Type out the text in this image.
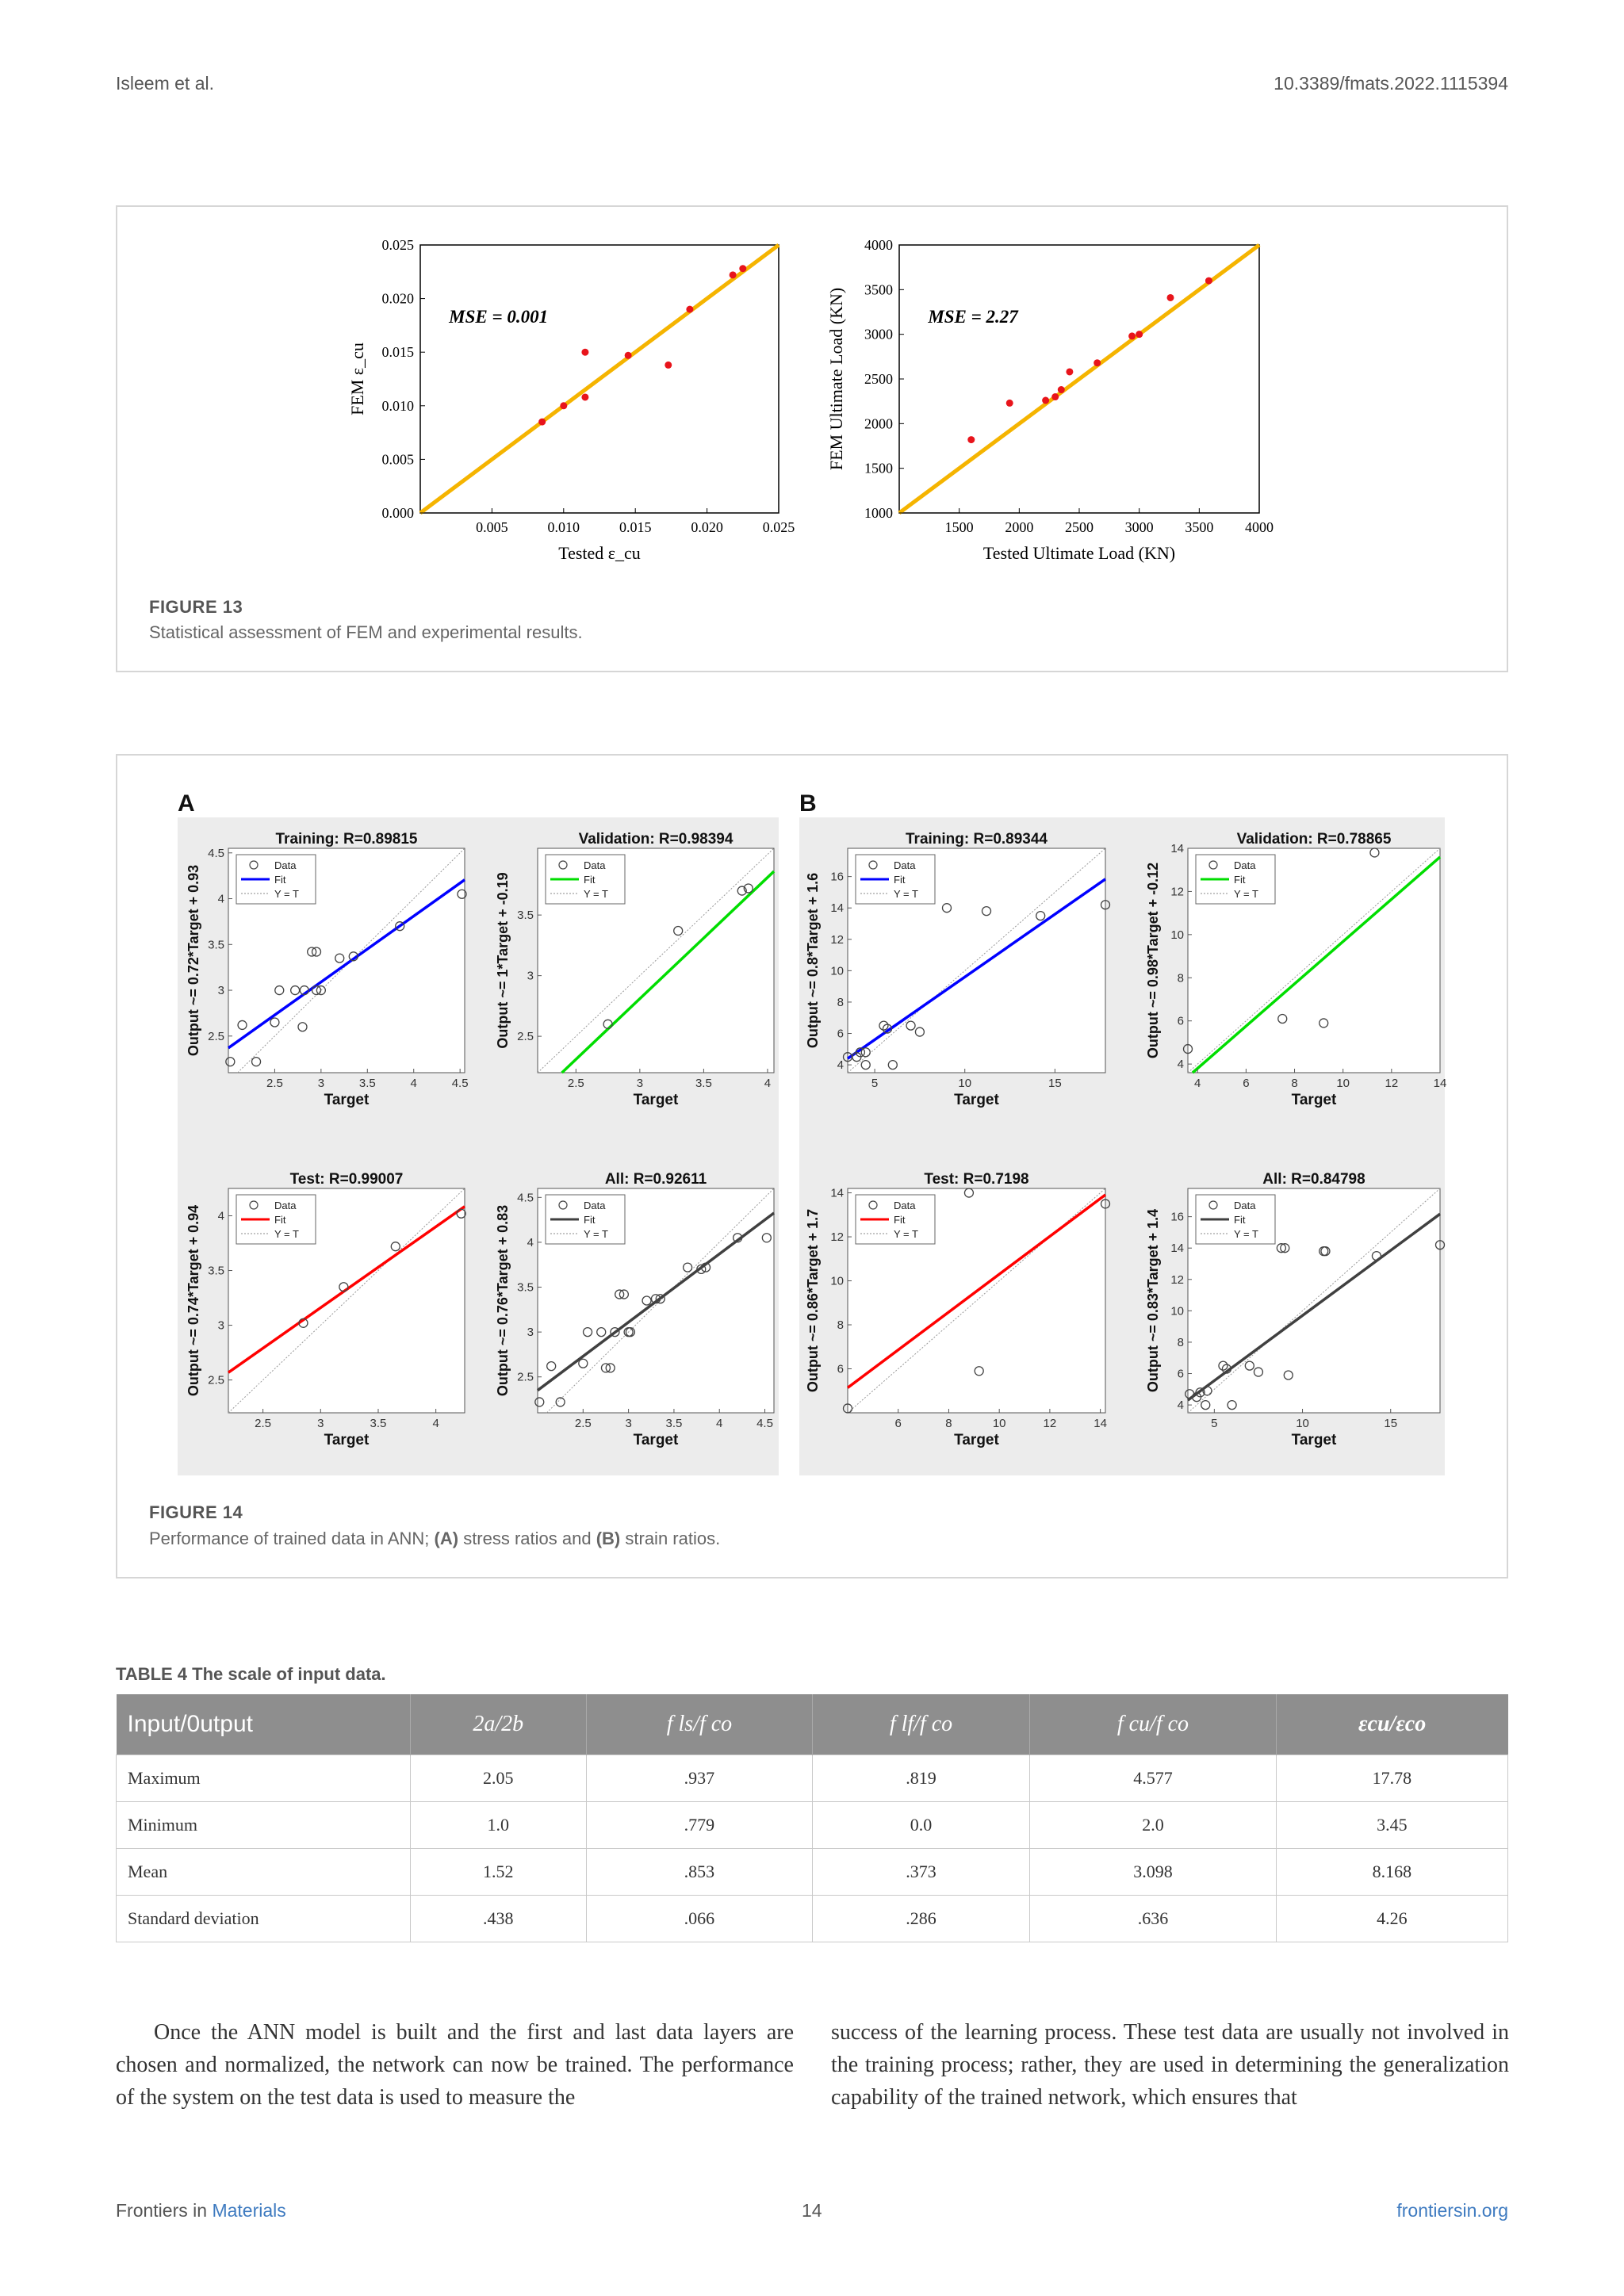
Isleem et al.	10.3389/fmats.2022.1115394
0.005	0.010	0.015	0.020	0.025
0.000
0.005
0.010
0.015
0.020
0.025
MSE = 0.001
Tested ε_cu
FEM ε_cu
1500 2000 2500 3000 3500 4000
1000
1500
2000
2500
3000
3500
4000
MSE = 2.27
Tested Ultimate Load (KN)
FEM Ultimate Load (KN)
FIGURE 13
Statistical assessment of FEM and experimental results.
A	B
2.5	3	3.5	4	4.5
2.5
3
3.5
4
4.5
Training: R=0.89815
Target
Output ~= 0.72*Target + 0.93	Data
Fit
Y = T
2.5	3	3.5	4
2.5
3
3.5
Validation: R=0.98394
Target
Output ~= 1*Target + -0.19
Data
Fit
Y = T
2.5	3	3.5	4
2.5
3
3.5
4
Test: R=0.99007
Target
Output ~= 0.74*Target + 0.94	Data
Fit
Y = T
2.5	3	3.5	4	4.5
2.5
3
3.5
4
4.5
All: R=0.92611
Target
Output ~= 0.76*Target + 0.83	Data
Fit
Y = T
5	10	15
4
6
8
10
12
14
16
Training: R=0.89344
Target
Output ~= 0.8*Target + 1.6
Data
Fit
Y = T
4	6	8	10	12	14
4
6
8
10
12
14
Validation: R=0.78865
Target
Output ~= 0.98*Target + -0.12	Data
Fit
Y = T
6	8	10	12	14
6
8
10
12
14
Test: R=0.7198
Target
Output ~= 0.86*Target + 1.7
Data
Fit
Y = T
5	10	15
4
6
8
10
12
14
16
All: R=0.84798
Target
Output ~= 0.83*Target + 1.4
Data
Fit
Y = T
FIGURE 14
Performance of trained data in ANN; (A) stress ratios and (B) strain ratios.
TABLE 4 The scale of input data.
Input/0utput	2a/2b	f ls/f co	f lf/f co	f cu/f co	εcu/εco
Maximum	2.05	.937	.819	4.577	17.78
Minimum	1.0	.779	0.0	2.0	3.45
Mean	1.52	.853	.373	3.098	8.168
Standard deviation	.438	.066	.286	.636	4.26
Once the ANN model is built and the first and last data layers are chosen and normalized, the network can now be trained. The performance of the system on the test data is used to measure the
success of the learning process. These test data are usually not involved in the training process; rather, they are used in determining the generalization capability of the trained network, which ensures that
Frontiers in Materials	14	frontiersin.org
